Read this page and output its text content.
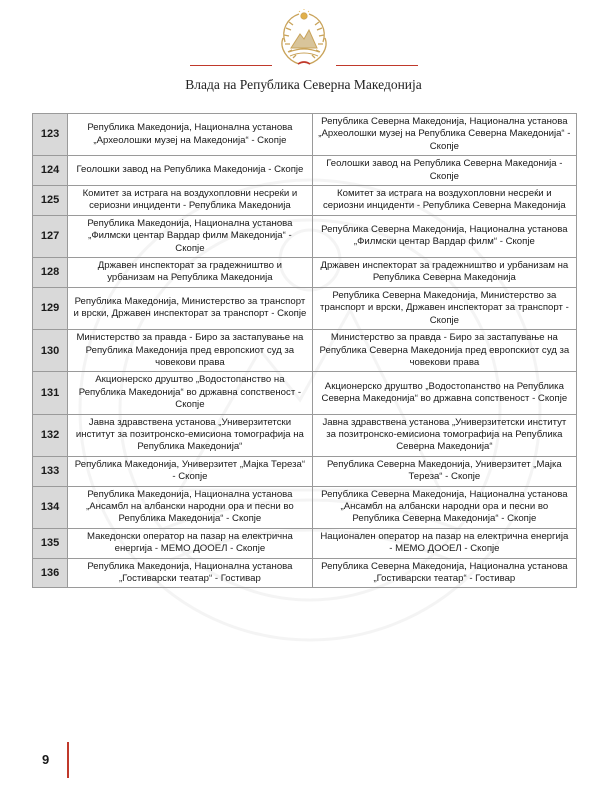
Влада на Република Северна Македонија
123	Република Македонија, Национална установа „Археолошки музеј на Македонија“ - Скопје	Република Северна Македонија, Национална установа „Археолошки музеј на Република Северна Македонија“ - Скопје
124	Геолошки завод на Република Македонија - Скопје	Геолошки завод на Република Северна Македонија - Скопје
125	Комитет за истрага на воздухопловни несреќи и сериозни инциденти - Република Македонија	Комитет за истрага на воздухопловни несреќи и сериозни инциденти - Република Северна Македонија
127	Република Македонија, Национална установа „Филмски центар Вардар филм Македонија“ - Скопје	Република Северна Македонија, Национална установа „Филмски центар Вардар филм“ - Скопје
128	Државен инспекторат за градежништво и урбанизам на Република Македонија	Државен инспекторат за градежништво и урбанизам на Република Северна Македонија
129	Република Македонија, Министерство за транспорт и врски, Државен инспекторат за транспорт - Скопје	Република Северна Македонија, Министерство за транспорт и врски, Државен инспекторат за транспорт - Скопје
130	Министерство за правда - Биро за застапување на Република Македонија пред европскиот суд за човекови права	Министерство за правда - Биро за застапување на Република Северна Македонија пред европскиот суд за човекови права
131	Акционерско друштво „Водостопанство на Република Македонија“ во државна сопственост - Скопје	Акционерско друштво „Водостопанство на Република Северна Македонија“ во државна сопственост - Скопје
132	Јавна здравствена установа „Универзитетски институт за позитронско-емисиона томографија на Република Македонија“	Јавна здравствена установа „Универзитетски институт за позитронско-емисиона томографија на Република Северна Македонија“
133	Република Македонија, Универзитет „Мајка Тереза“ - Скопје	Република Северна Македонија, Универзитет „Мајка Тереза“ - Скопје
134	Република Македонија, Национална установа „Ансамбл на албански народни ора и песни во Република Македонија“ - Скопје	Република Северна Македонија, Национална установа „Ансамбл на албански народни ора и песни во Република Северна Македонија“ - Скопје
135	Македонски оператор на пазар на електрична енергија - МЕМО ДООЕЛ - Скопје	Национален оператор на пазар на електрична енергија - МЕМО ДООЕЛ - Скопје
136	Република Македонија, Национална установа „Гостиварски театар“ - Гостивар	Република Северна Македонија, Национална установа „Гостиварски театар“ - Гостивар
9
